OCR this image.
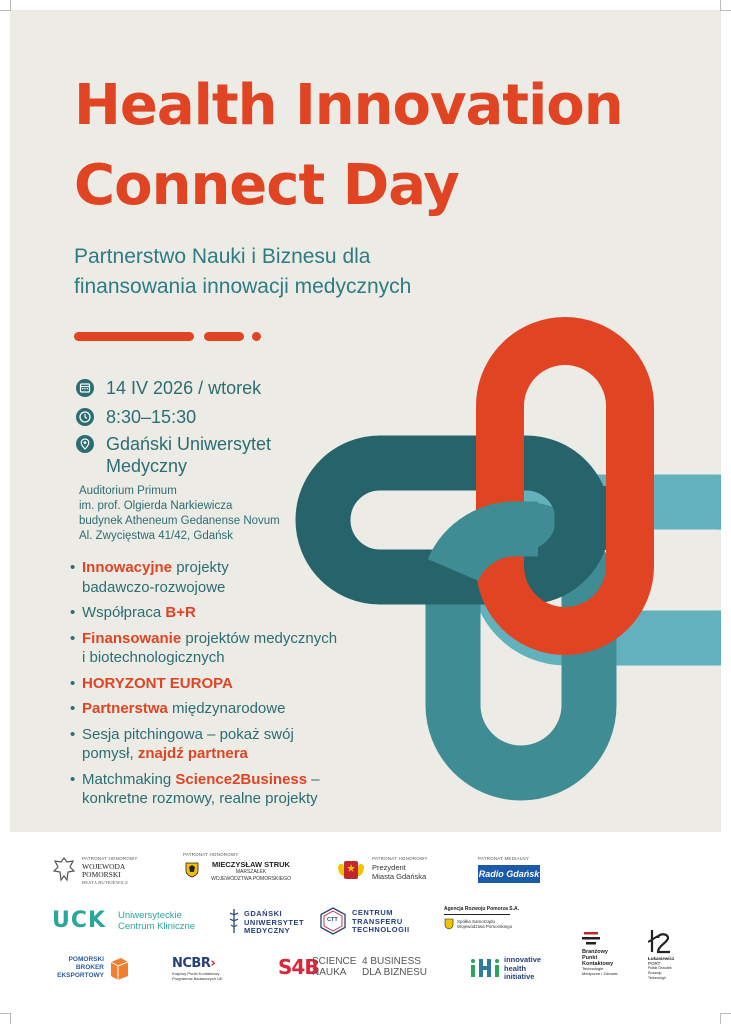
Health Innovation
Connect Day

Partnerstwo Nauki i Biznesu dla
finansowania innowacji medycznych

14 IV 2026 / wtorek
8:30–15:30
Gdański Uniwersytet
Medyczny
Auditorium Primum
im. prof. Olgierda Narkiewicza
budynek Atheneum Gedanense Novum
Al. Zwycięstwa 41/42, Gdańsk
• Innowacyjne projekty
badawczo-rozwojowe
• Współpraca B+R
• Finansowanie projektów medycznych
i biotechnologicznych
• HORYZONT EUROPA
• Partnerstwa międzynarodowe
• Sesja pitchingowa – pokaż swój
pomysł, znajdź partnera
• Matchmaking Science2Business –
konkretne rozmowy, realne projekty
PATRONAT HONOROWY
WOJEWODA
POMORSKI
BEATA RUTKIEWICZ
PATRONAT HONOROWY
MIECZYSŁAW STRUK
MARSZAŁEK
WOJEWÓDZTWA POMORSKIEGO
PATRONAT HONOROWY
Prezydent
Miasta Gdańska
PATRONAT MEDIALNY
Radio Gdańsk
UCK Uniwersyteckie
Centrum Kliniczne
GDAŃSKI
UNIWERSYTET
MEDYCZNY
CTT
CENTRUM
TRANSFERU
TECHNOLOGII
Agencja Rozwoju Pomorza S.A.
Spółka Samorządu
Województwa Pomorskiego
POMORSKI
BROKER
EKSPORTOWY
NCBR›
Krajowy Punkt Kontaktowy
Programów Badawczych UE	S4B
SCIENCE
NAUKA
4 BUSINESS
DLA BIZNESU
innovative
health
initiative
Branżowy
Punkt
Kontaktowy
Technologie
Medyczne i Zdrowie
Łukasiewicz
PORT
Polski Ośrodek
Rozwoju
Technologii
